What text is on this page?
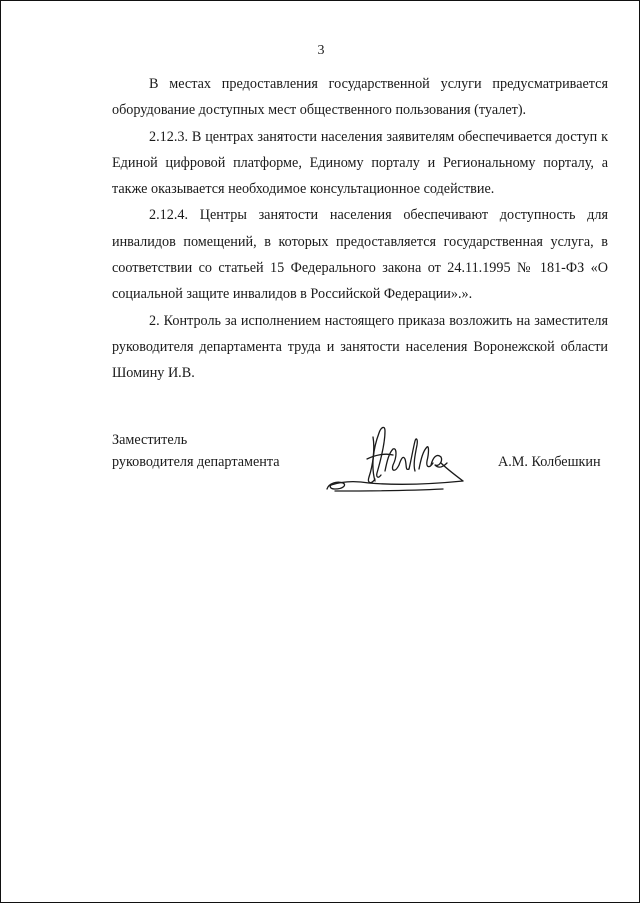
3

В местах предоставления государственной услуги предусматривается оборудование доступных мест общественного пользования (туалет).

2.12.3. В центрах занятости населения заявителям обеспечивается доступ к Единой цифровой платформе, Единому порталу и Региональному порталу, а также оказывается необходимое консультационное содействие.

2.12.4. Центры занятости населения обеспечивают доступность для инвалидов помещений, в которых предоставляется государственная услуга, в соответствии со статьей 15 Федерального закона от 24.11.1995 № 181-ФЗ «О социальной защите инвалидов в Российской Федерации».».

2. Контроль за исполнением настоящего приказа возложить на заместителя руководителя департамента труда и занятости населения Воронежской области Шомину И.В.

Заместитель
руководителя департамента	А.М. Колбешкин
